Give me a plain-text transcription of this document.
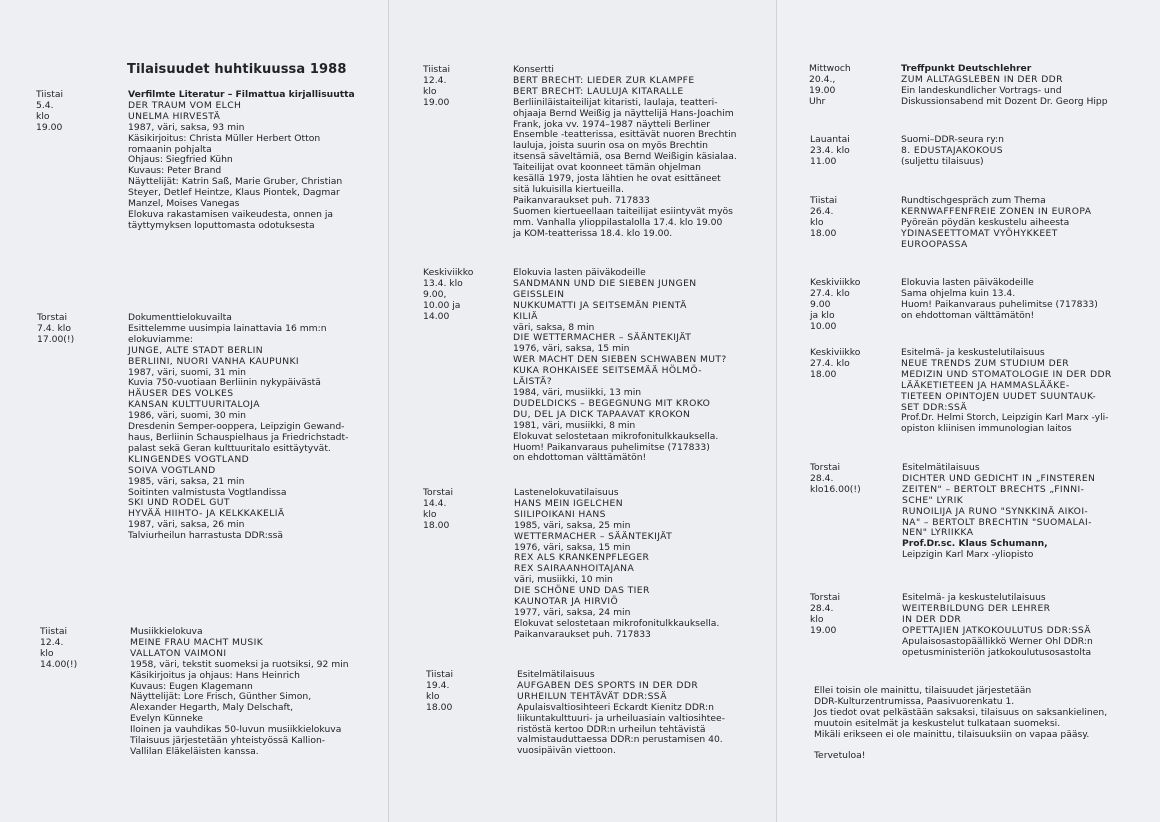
Tilaisuudet huhtikuussa 1988
Tiistai
5.4. klo 19.00
Verfilmte Literatur – Filmattua kirjallisuutta
DER TRAUM VOM ELCH
UNELMA HIRVESTÄ
1987, väri, saksa, 93 min
Käsikirjoitus: Christa Müller Herbert Otton
romaanin pohjalta
Ohjaus: Siegfried Kühn
Kuvaus: Peter Brand
Näyttelijät: Katrin Saß, Marie Gruber, Christian
Steyer, Detlef Heintze, Klaus Piontek, Dagmar
Manzel, Moises Vanegas
Elokuva rakastamisen vaikeudesta, onnen ja
täyttymyksen loputtomasta odotuksesta
Torstai
7.4. klo 17.00(!)
Dokumenttielokuvailta
Esittelemme uusimpia lainattavia 16 mm:n
elokuviamme:
JUNGE, ALTE STADT BERLIN
BERLIINI, NUORI VANHA KAUPUNKI
1987, väri, suomi, 31 min
Kuvia 750-vuotiaan Berliinin nykypäivästä
HÄUSER DES VOLKES
KANSAN KULTTUURITALOJA
1986, väri, suomi, 30 min
Dresdenin Semper-ooppera, Leipzigin Gewand-
haus, Berliinin Schauspielhaus ja Friedrichstadt-
palast sekä Geran kulttuuritalo esittäytyvät.
KLINGENDES VOGTLAND
SOIVA VOGTLAND
1985, väri, saksa, 21 min
Soitinten valmistusta Vogtlandissa
SKI UND RODEL GUT
HYVÄÄ HIIHTO- JA KELKKAKELIÄ
1987, väri, saksa, 26 min
Talviurheilun harrastusta DDR:ssä
Tiistai
12.4. klo 14.00(!)
Musiikkielokuva
MEINE FRAU MACHT MUSIK
VALLATON VAIMONI
1958, väri, tekstit suomeksi ja ruotsiksi, 92 min
Käsikirjoitus ja ohjaus: Hans Heinrich
Kuvaus: Eugen Klagemann
Näyttelijät: Lore Frisch, Günther Simon,
Alexander Hegarth, Maly Delschaft,
Evelyn Künneke
Iloinen ja vauhdikas 50-luvun musiikkielokuva
Tilaisuus järjestetään yhteistyössä Kallion-
Vallilan Eläkeläisten kanssa.
Tiistai
12.4. klo 19.00
Konsertti
BERT BRECHT: LIEDER ZUR KLAMPFE
BERT BRECHT: LAULUJA KITARALLE
Berliiniläistaiteilijat kitaristi, laulaja, teatteri-
ohjaaja Bernd Weißig ja näyttelijä Hans-Joachim
Frank, joka vv. 1974–1987 näytteli Berliner
Ensemble -teatterissa, esittävät nuoren Brechtin
lauluja, joista suurin osa on myös Brechtin
itsensä säveltämiä, osa Bernd Weißigin käsialaa.
Taiteilijat ovat koonneet tämän ohjelman
kesällä 1979, josta lähtien he ovat esittäneet
sitä lukuisilla kiertueilla.
Paikanvaraukset puh. 717833
Suomen kiertueellaan taiteilijat esiintyvät myös
mm. Vanhalla ylioppilastalolla 17.4. klo 19.00
ja KOM-teatterissa 18.4. klo 19.00.
Keskiviikko
13.4. klo 9.00,
10.00 ja 14.00
Elokuvia lasten päiväkodeille
SANDMANN UND DIE SIEBEN JUNGEN
GEISSLEIN
NUKKUMATTI JA SEITSEMÄN PIENTÄ
KILIÄ
väri, saksa, 8 min
DIE WETTERMACHER – SÄÄNTEKIJÄT
1976, väri, saksa, 15 min
WER MACHT DEN SIEBEN SCHWABEN MUT?
KUKA ROHKAISEE SEITSEMÄÄ HÖLMÖ-
LÄISTÄ?
1984, väri, musiikki, 13 min
DUDELDICKS – BEGEGNUNG MIT KROKO
DU, DEL JA DICK TAPAAVAT KROKON
1981, väri, musiikki, 8 min
Elokuvat selostetaan mikrofonitulkkauksella.
Huom! Paikanvaraus puhelimitse (717833)
on ehdottoman välttämätön!
Torstai
14.4. klo 18.00
Lastenelokuvatilaisuus
HANS MEIN IGELCHEN
SIILIPOIKANI HANS
1985, väri, saksa, 25 min
WETTERMACHER – SÄÄNTEKIJÄT
1976, väri, saksa, 15 min
REX ALS KRANKENPFLEGER
REX SAIRAANHOITAJANA
väri, musiikki, 10 min
DIE SCHÖNE UND DAS TIER
KAUNOTAR JA HIRVIÖ
1977, väri, saksa, 24 min
Elokuvat selostetaan mikrofonitulkkauksella.
Paikanvaraukset puh. 717833
Tiistai
19.4. klo 18.00
Esitelmätilaisuus
AUFGABEN DES SPORTS IN DER DDR
URHEILUN TEHTÄVÄT DDR:SSÄ
Apulaisvaltiosihteeri Eckardt Kienitz DDR:n
liikuntakulttuuri- ja urheiluasiain valtiosihtee-
ristöstä kertoo DDR:n urheilun tehtävistä
valmistauduttaessa DDR:n perustamisen 40.
vuosipäivän viettoon.
Mittwoch
20.4., 19.00 Uhr
Treffpunkt Deutschlehrer
ZUM ALLTAGSLEBEN IN DER DDR
Ein landeskundlicher Vortrags- und
Diskussionsabend mit Dozent Dr. Georg Hipp
Lauantai
23.4. klo 11.00
Suomi–DDR-seura ry:n
8. EDUSTAJAKOKOUS
(suljettu tilaisuus)
Tiistai
26.4. klo 18.00
Rundtischgespräch zum Thema
KERNWAFFENFREIE ZONEN IN EUROPA
Pyöreän pöydän keskustelu aiheesta
YDINASEETTOMAT VYÖHYKKEET
EUROOPASSA
Keskiviikko
27.4. klo 9.00
ja klo 10.00
Elokuvia lasten päiväkodeille
Sama ohjelma kuin 13.4.
Huom! Paikanvaraus puhelimitse (717833)
on ehdottoman välttämätön!
Keskiviikko
27.4. klo 18.00
Esitelmä- ja keskustelutilaisuus
NEUE TRENDS ZUM STUDIUM DER
MEDIZIN UND STOMATOLOGIE IN DER DDR
LÄÄKETIETEEN JA HAMMASLÄÄKE-
TIETEEN OPINTOJEN UUDET SUUNTAUK-
SET DDR:SSÄ
Prof.Dr. Helmi Storch, Leipzigin Karl Marx -yli-
opiston kliinisen immunologian laitos
Torstai
28.4. klo16.00(!)
Esitelmätilaisuus
DICHTER UND GEDICHT IN „FINSTEREN
ZEITEN" – BERTOLT BRECHTS „FINNI-
SCHE" LYRIK
RUNOILIJA JA RUNO "SYNKKINÄ AIKOI-
NA" – BERTOLT BRECHTIN "SUOMALAI-
NEN" LYRIIKKA
Prof.Dr.sc. Klaus Schumann,
Leipzigin Karl Marx -yliopisto
Torstai
28.4. klo 19.00
Esitelmä- ja keskustelutilaisuus
WEITERBILDUNG DER LEHRER
IN DER DDR
OPETTAJIEN JATKOKOULUTUS DDR:SSÄ
Apulaisosastopäällikkö Werner Ohl DDR:n
opetusministeriön jatkokoulutusosastolta
Ellei toisin ole mainittu, tilaisuudet järjestetään
DDR-Kulturzentrumissa, Paasivuorenkatu 1.
Jos tiedot ovat pelkästään saksaksi, tilaisuus on saksankielinen,
muutoin esitelmät ja keskustelut tulkataan suomeksi.
Mikäli erikseen ei ole mainittu, tilaisuuksiin on vapaa pääsy.
Tervetuloa!
